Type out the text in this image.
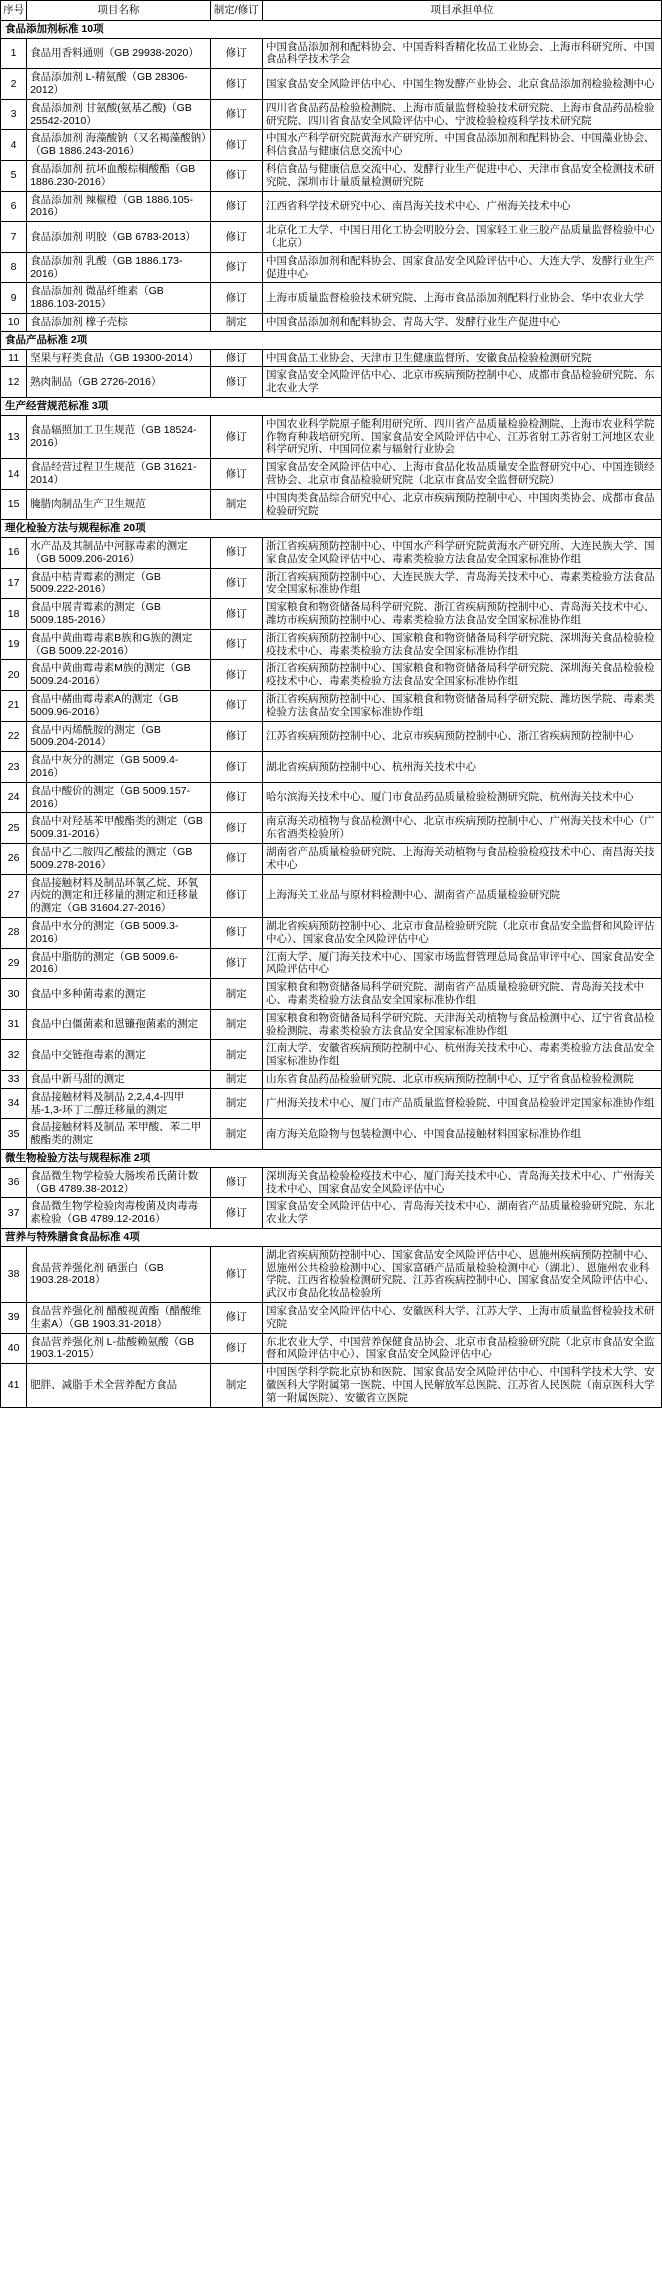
序号	项目名称	制定/修订	项目承担单位
食品添加剂标准 10项			
1	食品用香料通则（GB 29938-2020）	修订	中国食品添加剂和配料协会、中国香料香精化妆品工业协会、上海市科研究所、中国食品科学技术学会
2	食品添加剂 L-精氨酸（GB 28306-2012）	修订	国家食品安全风险评估中心、中国生物发酵产业协会、北京食品添加剂检验检测中心
3	食品添加剂 甘氨酸(氨基乙酸)（GB 25542-2010）	修订	四川省食品药品检验检测院、上海市质量监督检验技术研究院、上海市食品药品检验研究院、四川省食品安全风险评估中心、宁波检验检疫科学技术研究院
4	食品添加剂 海藻酸钠（又名褐藻酸钠）（GB 1886.243-2016）	修订	中国水产科学研究院黄海水产研究所、中国食品添加剂和配料协会、中国藻业协会、科信食品与健康信息交流中心
5	食品添加剂 抗坏血酸棕榈酸酯（GB 1886.230-2016）	修订	科信食品与健康信息交流中心、发酵行业生产促进中心、天津市食品安全检测技术研究院、深圳市计量质量检测研究院
6	食品添加剂 辣椒橙（GB 1886.105-2016）	修订	江西省科学技术研究中心、南昌海关技术中心、广州海关技术中心
7	食品添加剂 明胶（GB 6783-2013）	修订	北京化工大学、中国日用化工协会明胶分会、国家轻工业三胶产品质量监督检验中心（北京）
8	食品添加剂 乳酸（GB 1886.173-2016）	修订	中国食品添加剂和配料协会、国家食品安全风险评估中心、大连大学、发酵行业生产促进中心
9	食品添加剂 微晶纤维素（GB 1886.103-2015）	修订	上海市质量监督检验技术研究院、上海市食品添加剂配料行业协会、华中农业大学
10	食品添加剂 橡子壳棕	制定	中国食品添加剂和配料协会、青岛大学、发酵行业生产促进中心
食品产品标准 2项			
11	坚果与籽类食品（GB 19300-2014）	修订	中国食品工业协会、天津市卫生健康监督所、安徽食品检验检测研究院
12	熟肉制品（GB 2726-2016）	修订	国家食品安全风险评估中心、北京市疾病预防控制中心、成都市食品检验研究院、东北农业大学
生产经营规范标准 3项			
13	食品辐照加工卫生规范（GB 18524-2016）	修订	中国农业科学院原子能利用研究所、四川省产品质量检验检测院、上海市农业科学院作物育种栽培研究所、国家食品安全风险评估中心、江苏省射工苏省射工河地区农业科学研究所、中国同位素与辐射行业协会
14	食品经营过程卫生规范（GB 31621-2014）	修订	国家食品安全风险评估中心、上海市食品化妆品质量安全监督研究中心、中国连锁经营协会、北京市食品检验研究院（北京市食品安全监督研究院）
15	腌腊肉制品生产卫生规范	制定	中国肉类食品综合研究中心、北京市疾病预防控制中心、中国肉类协会、成都市食品检验研究院
理化检验方法与规程标准 20项			
16	水产品及其制品中河豚毒素的测定（GB 5009.206-2016）	修订	浙江省疾病预防控制中心、中国水产科学研究院黄海水产研究所、大连民族大学、国家食品安全风险评估中心、毒素类检验方法食品安全国家标准协作组
17	食品中桔青霉素的测定（GB 5009.222-2016）	修订	浙江省疾病预防控制中心、大连民族大学、青岛海关技术中心、毒素类检验方法食品安全国家标准协作组
18	食品中展青霉素的测定（GB 5009.185-2016）	修订	国家粮食和物资储备局科学研究院、浙江省疾病预防控制中心、青岛海关技术中心、潍坊市疾病预防控制中心、毒素类检验方法食品安全国家标准协作组
19	食品中黄曲霉毒素B族和G族的测定（GB 5009.22-2016）	修订	浙江省疾病预防控制中心、国家粮食和物资储备局科学研究院、深圳海关食品检验检疫技术中心、毒素类检验方法食品安全国家标准协作组
20	食品中黄曲霉毒素M族的测定（GB 5009.24-2016）	修订	浙江省疾病预防控制中心、国家粮食和物资储备局科学研究院、深圳海关食品检验检疫技术中心、毒素类检验方法食品安全国家标准协作组
21	食品中赭曲霉毒素A的测定（GB 5009.96-2016）	修订	浙江省疾病预防控制中心、国家粮食和物资储备局科学研究院、潍坊医学院、毒素类检验方法食品安全国家标准协作组
22	食品中丙烯酰胺的测定（GB 5009.204-2014）	修订	江苏省疾病预防控制中心、北京市疾病预防控制中心、浙江省疾病预防控制中心
23	食品中灰分的测定（GB 5009.4-2016）	修订	湖北省疾病预防控制中心、杭州海关技术中心
24	食品中酸价的测定（GB 5009.157-2016）	修订	哈尔滨海关技术中心、厦门市食品药品质量检验检测研究院、杭州海关技术中心
25	食品中对羟基苯甲酸酯类的测定（GB 5009.31-2016）	修订	南京海关动植物与食品检测中心、北京市疾病预防控制中心、广州海关技术中心（广东省酒类检验所）
26	食品中乙二胺四乙酸盐的测定（GB 5009.278-2016）	修订	湖南省产品质量检验研究院、上海海关动植物与食品检验检疫技术中心、南昌海关技术中心
27	食品接触材料及制品环氧乙烷、环氧丙烷的测定和迁移量的测定和迁移量的测定（GB 31604.27-2016）	修订	上海海关工业品与原材料检测中心、湖南省产品质量检验研究院
28	食品中水分的测定（GB 5009.3-2016）	修订	湖北省疾病预防控制中心、北京市食品检验研究院（北京市食品安全监督和风险评估中心）、国家食品安全风险评估中心
29	食品中脂肪的测定（GB 5009.6-2016）	修订	江南大学、厦门海关技术中心、国家市场监督管理总局食品审评中心、国家食品安全风险评估中心
30	食品中多种菌毒素的测定	制定	国家粮食和物资储备局科学研究院、湖南省产品质量检验研究院、青岛海关技术中心、毒素类检验方法食品安全国家标准协作组
31	食品中白僵菌素和恩镰孢菌素的测定	制定	国家粮食和物资储备局科学研究院、天津海关动植物与食品检测中心、辽宁省食品检验检测院、毒素类检验方法食品安全国家标准协作组
32	食品中交链孢毒素的测定	制定	江南大学、安徽省疾病预防控制中心、杭州海关技术中心、毒素类检验方法食品安全国家标准协作组
33	食品中新马甜的测定	制定	山东省食品药品检验研究院、北京市疾病预防控制中心、辽宁省食品检验检测院
34	食品接触材料及制品 2,2,4,4-四甲基-1,3-环丁二醇迁移量的测定	制定	广州海关技术中心、厦门市产品质量监督检验院、中国食品检验评定国家标准协作组
35	食品接触材料及制品 苯甲酸、苯二甲酸酯类的测定	制定	南方海关危险物与包装检测中心、中国食品接触材料国家标准协作组
微生物检验方法与规程标准 2项			
36	食品微生物学检验大肠埃希氏菌计数（GB 4789.38-2012）	修订	深圳海关食品检验检疫技术中心、厦门海关技术中心、青岛海关技术中心、广州海关技术中心、国家食品安全风险评估中心
37	食品微生物学检验肉毒梭菌及肉毒毒素检验（GB 4789.12-2016）	修订	国家食品安全风险评估中心、青岛海关技术中心、湖南省产品质量检验研究院、东北农业大学
营养与特殊膳食食品标准 4项			
38	食品营养强化剂 硒蛋白（GB 1903.28-2018）	修订	湖北省疾病预防控制中心、国家食品安全风险评估中心、恩施州疾病预防控制中心、恩施州公共检验检测中心、国家富硒产品质量检验检测中心（湖北）、恩施州农业科学院、江西省检验检测研究院、江苏省疾病控制中心、国家食品安全风险评估中心、武汉市食品化妆品检验所
39	食品营养强化剂 醋酸视黄酯（醋酸维生素A）（GB 1903.31-2018）	修订	国家食品安全风险评估中心、安徽医科大学、江苏大学、上海市质量监督检验技术研究院
40	食品营养强化剂 L-盐酸赖氨酸（GB 1903.1-2015）	修订	东北农业大学、中国营养保健食品协会、北京市食品检验研究院（北京市食品安全监督和风险评估中心）、国家食品安全风险评估中心
41	肥胖、减脂手术全营养配方食品	制定	中国医学科学院北京协和医院、国家食品安全风险评估中心、中国科学技术大学、安徽医科大学附属第一医院、中国人民解放军总医院、江苏省人民医院（南京医科大学第一附属医院）、安徽省立医院
